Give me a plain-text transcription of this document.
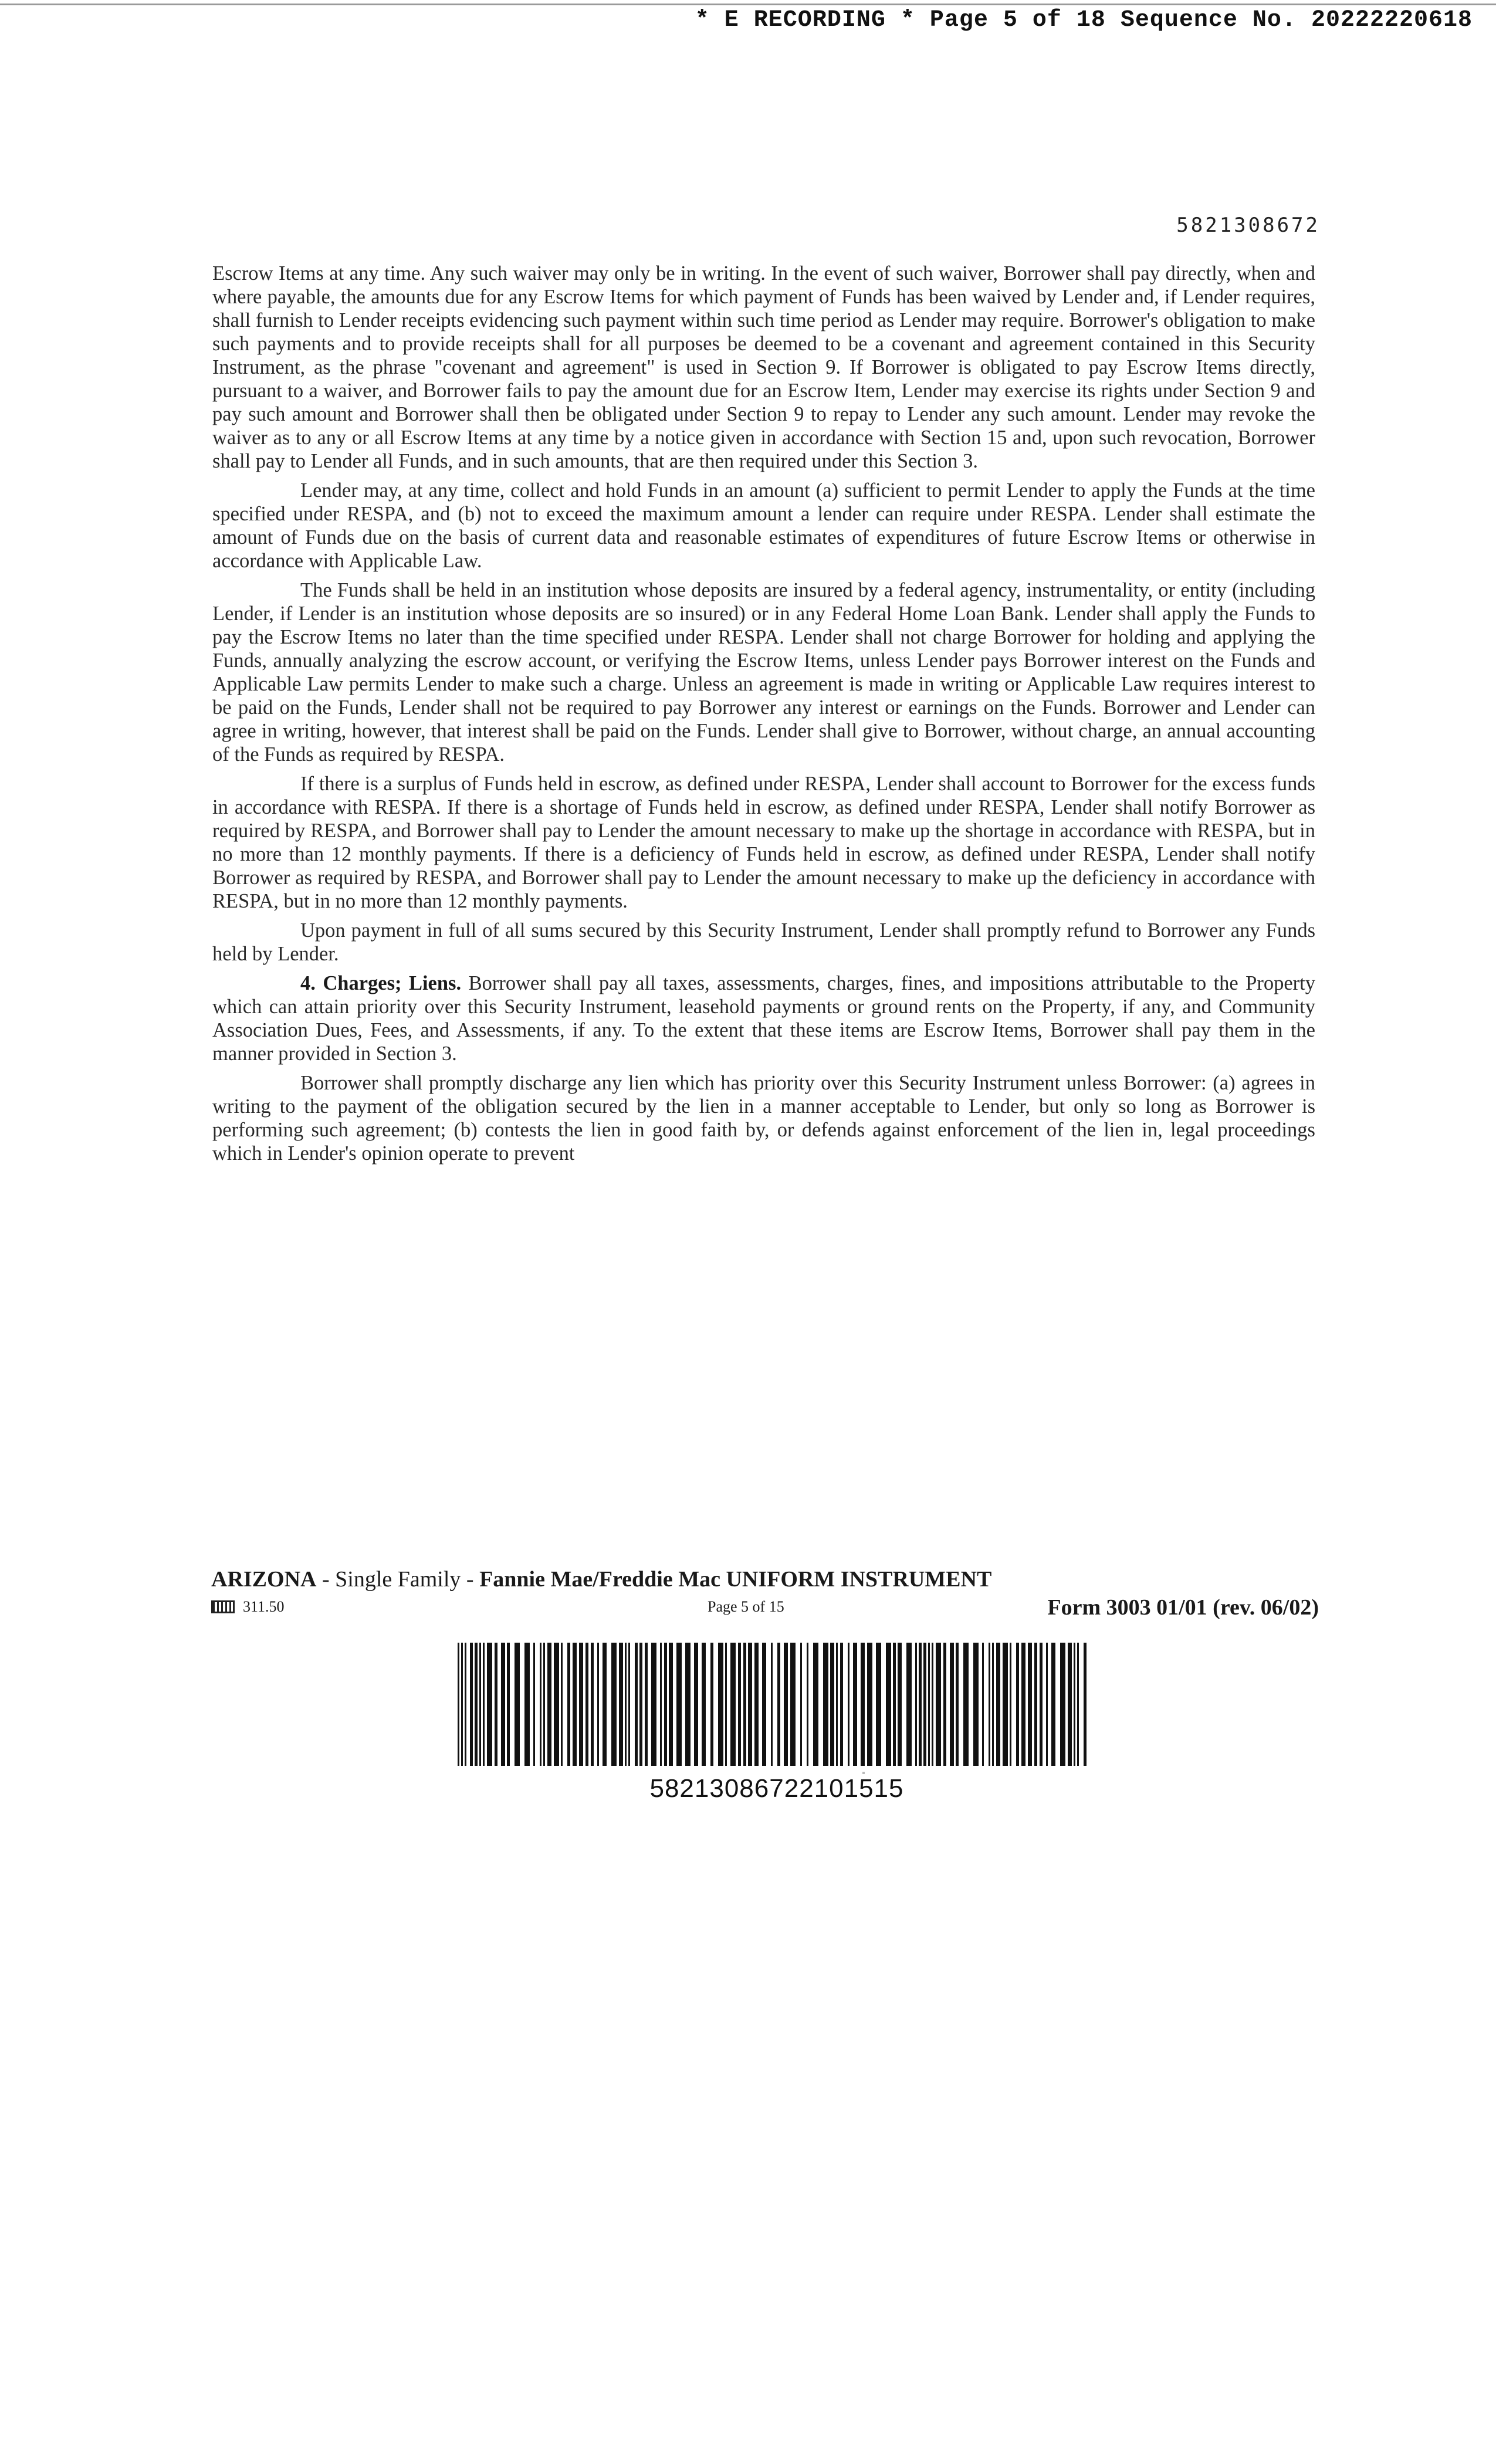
* E RECORDING * Page 5 of 18 Sequence No. 20222220618
5821308672

Escrow Items at any time. Any such waiver may only be in writing. In the event of such waiver, Borrower shall pay directly, when and where payable, the amounts due for any Escrow Items for which payment of Funds has been waived by Lender and, if Lender requires, shall furnish to Lender receipts evidencing such payment within such time period as Lender may require. Borrower's obligation to make such payments and to provide receipts shall for all purposes be deemed to be a covenant and agreement contained in this Security Instrument, as the phrase "covenant and agreement" is used in Section 9. If Borrower is obligated to pay Escrow Items directly, pursuant to a waiver, and Borrower fails to pay the amount due for an Escrow Item, Lender may exercise its rights under Section 9 and pay such amount and Borrower shall then be obligated under Section 9 to repay to Lender any such amount. Lender may revoke the waiver as to any or all Escrow Items at any time by a notice given in accordance with Section 15 and, upon such revocation, Borrower shall pay to Lender all Funds, and in such amounts, that are then required under this Section 3.

Lender may, at any time, collect and hold Funds in an amount (a) sufficient to permit Lender to apply the Funds at the time specified under RESPA, and (b) not to exceed the maximum amount a lender can require under RESPA. Lender shall estimate the amount of Funds due on the basis of current data and reasonable estimates of expenditures of future Escrow Items or otherwise in accordance with Applicable Law.

The Funds shall be held in an institution whose deposits are insured by a federal agency, instrumentality, or entity (including Lender, if Lender is an institution whose deposits are so insured) or in any Federal Home Loan Bank. Lender shall apply the Funds to pay the Escrow Items no later than the time specified under RESPA. Lender shall not charge Borrower for holding and applying the Funds, annually analyzing the escrow account, or verifying the Escrow Items, unless Lender pays Borrower interest on the Funds and Applicable Law permits Lender to make such a charge. Unless an agreement is made in writing or Applicable Law requires interest to be paid on the Funds, Lender shall not be required to pay Borrower any interest or earnings on the Funds. Borrower and Lender can agree in writing, however, that interest shall be paid on the Funds. Lender shall give to Borrower, without charge, an annual accounting of the Funds as required by RESPA.

If there is a surplus of Funds held in escrow, as defined under RESPA, Lender shall account to Borrower for the excess funds in accordance with RESPA. If there is a shortage of Funds held in escrow, as defined under RESPA, Lender shall notify Borrower as required by RESPA, and Borrower shall pay to Lender the amount necessary to make up the shortage in accordance with RESPA, but in no more than 12 monthly payments. If there is a deficiency of Funds held in escrow, as defined under RESPA, Lender shall notify Borrower as required by RESPA, and Borrower shall pay to Lender the amount necessary to make up the deficiency in accordance with RESPA, but in no more than 12 monthly payments.

Upon payment in full of all sums secured by this Security Instrument, Lender shall promptly refund to Borrower any Funds held by Lender.

4. Charges; Liens. Borrower shall pay all taxes, assessments, charges, fines, and impositions attributable to the Property which can attain priority over this Security Instrument, leasehold payments or ground rents on the Property, if any, and Community Association Dues, Fees, and Assessments, if any. To the extent that these items are Escrow Items, Borrower shall pay them in the manner provided in Section 3.

Borrower shall promptly discharge any lien which has priority over this Security Instrument unless Borrower: (a) agrees in writing to the payment of the obligation secured by the lien in a manner acceptable to Lender, but only so long as Borrower is performing such agreement; (b) contests the lien in good faith by, or defends against enforcement of the lien in, legal proceedings which in Lender's opinion operate to prevent

ARIZONA - Single Family - Fannie Mae/Freddie Mac UNIFORM INSTRUMENT
311.50	Page 5 of 15	Form 3003 01/01 (rev. 06/02)
58213086722101515
